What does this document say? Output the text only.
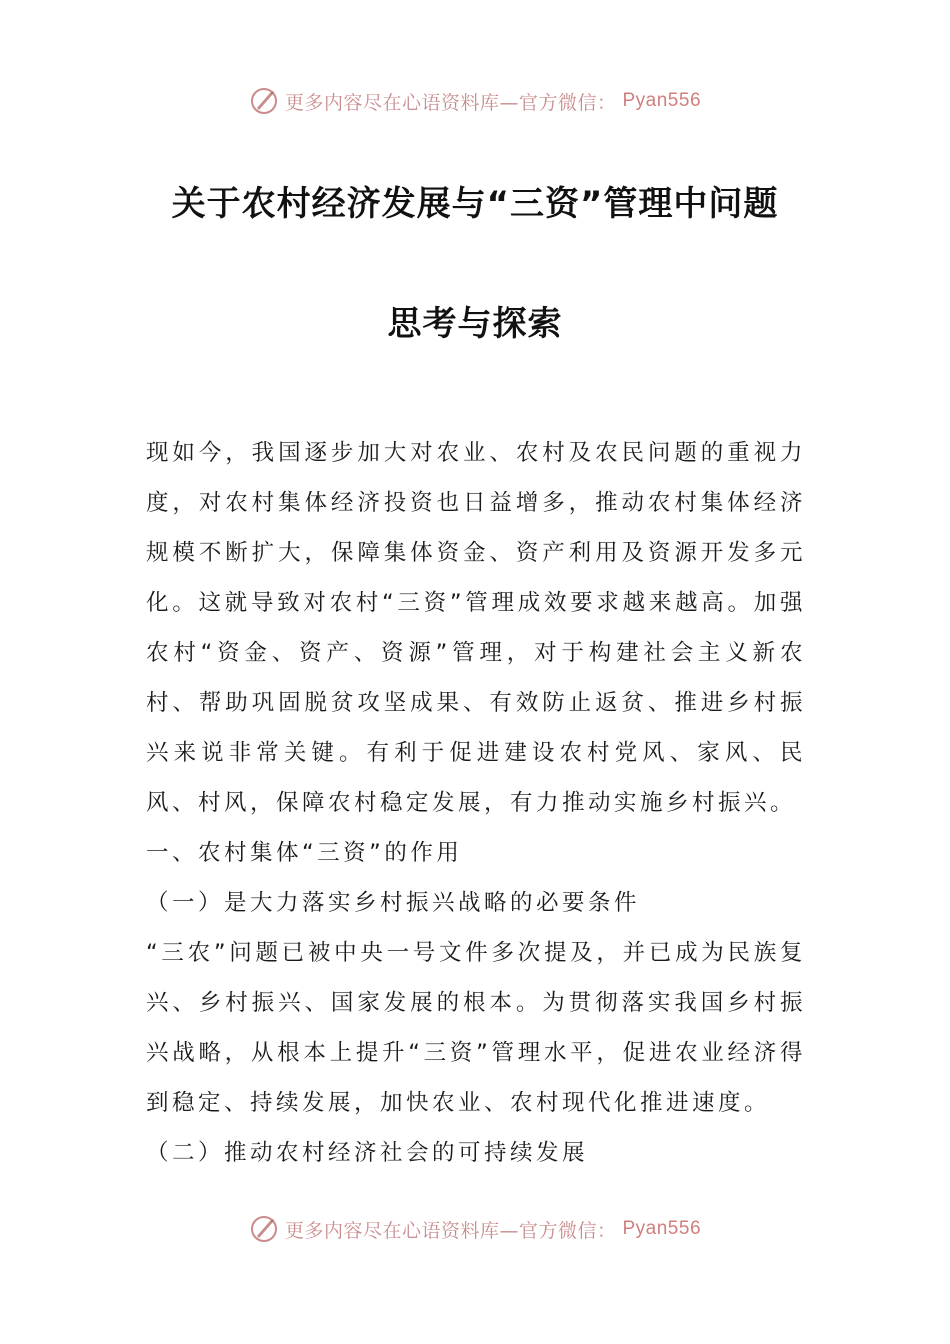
更多内容尽在心语资料库—官方微信： Pyan556
关于农村经济发展与“三资”管理中问题
思考与探索

现如今，我国逐步加大对农业、农村及农民问题的重视力度，对农村集体经济投资也日益增多，推动农村集体经济规模不断扩大，保障集体资金、资产利用及资源开发多元化。这就导致对农村“三资”管理成效要求越来越高。加强农村“资金、资产、资源”管理，对于构建社会主义新农村、帮助巩固脱贫攻坚成果、有效防止返贫、推进乡村振兴来说非常关键。有利于促进建设农村党风、家风、民风、村风，保障农村稳定发展，有力推动实施乡村振兴。

一、农村集体“三资”的作用

（一）是大力落实乡村振兴战略的必要条件

“三农”问题已被中央一号文件多次提及，并已成为民族复兴、乡村振兴、国家发展的根本。为贯彻落实我国乡村振兴战略，从根本上提升“三资”管理水平，促进农业经济得到稳定、持续发展，加快农业、农村现代化推进速度。

（二）推动农村经济社会的可持续发展

更多内容尽在心语资料库—官方微信： Pyan556
